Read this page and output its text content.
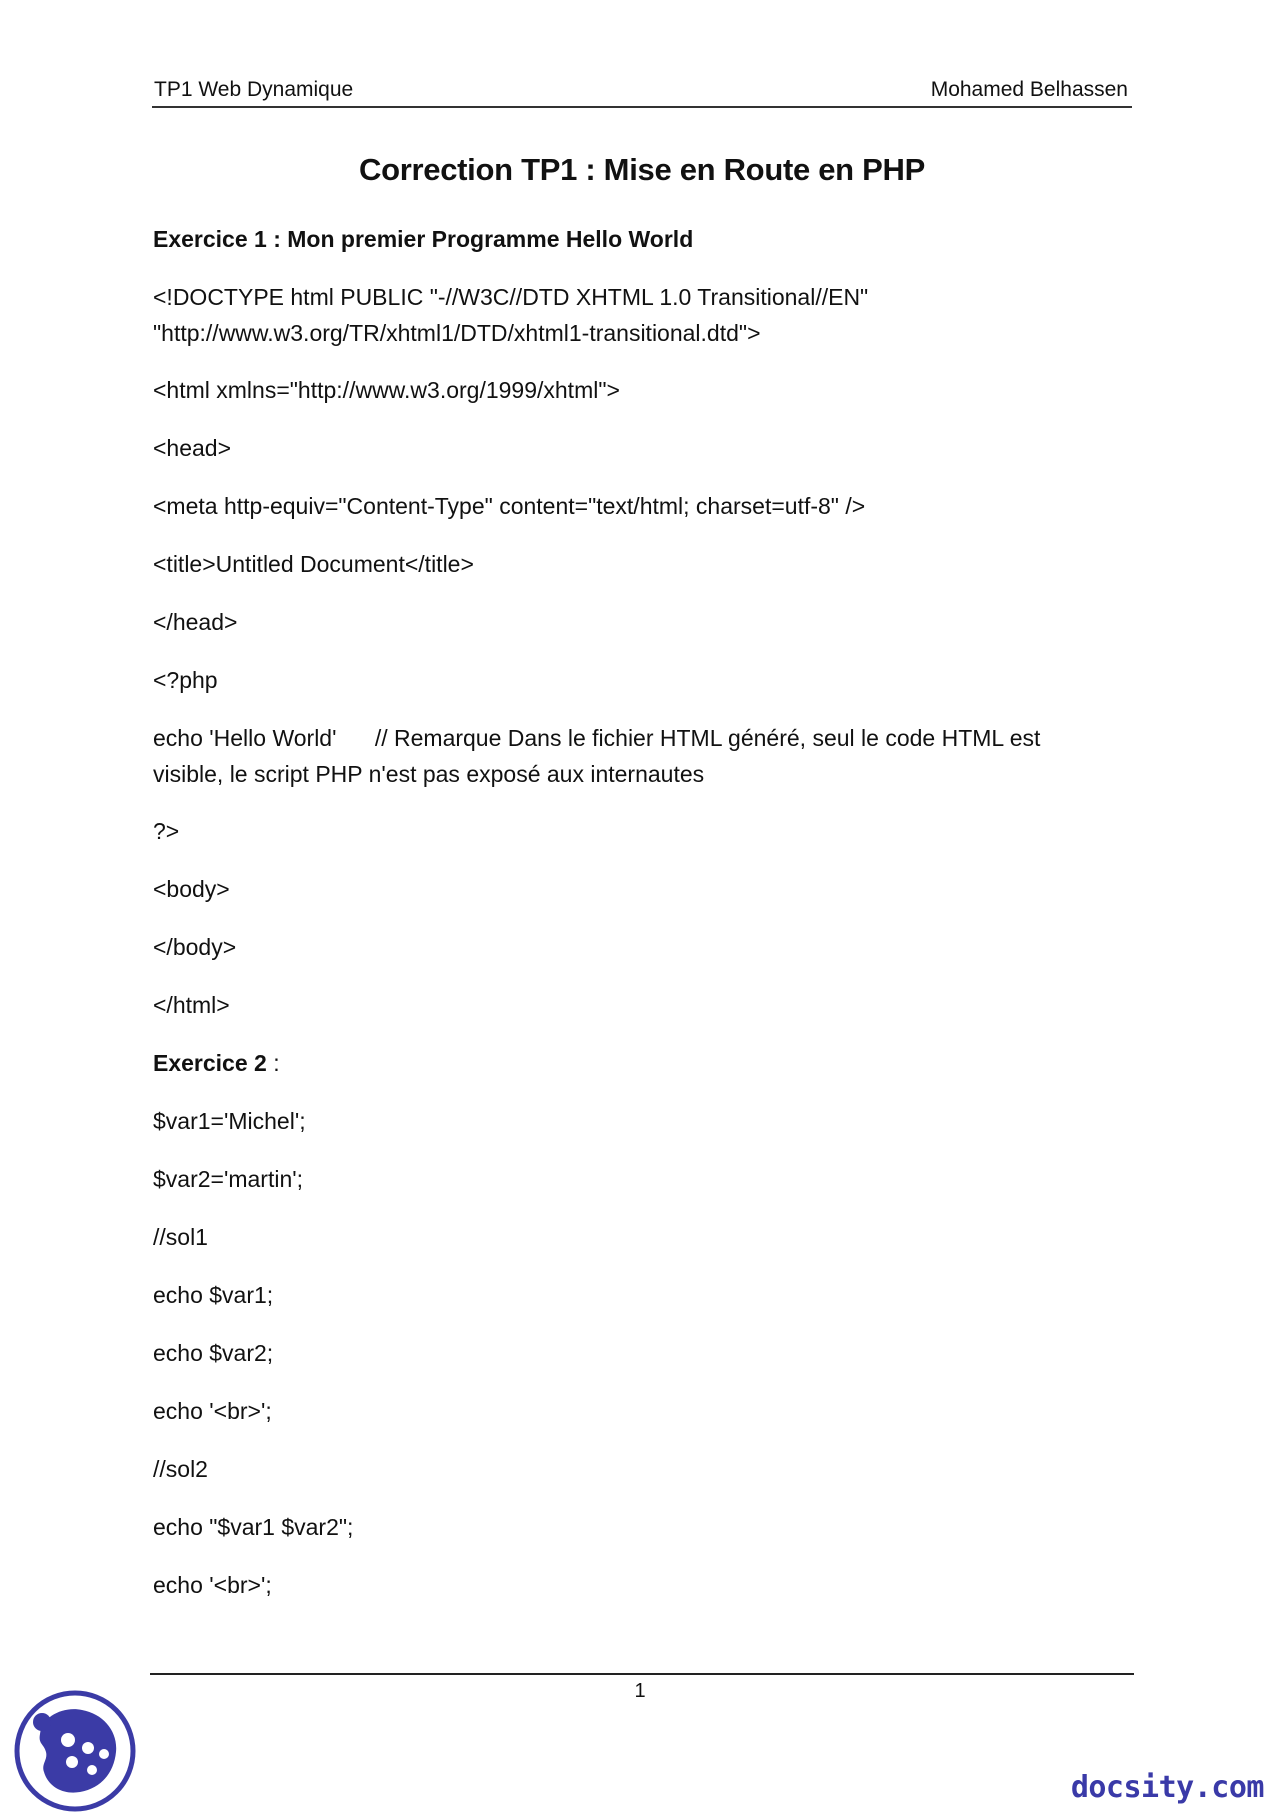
TP1 Web Dynamique	Mohamed Belhassen
Correction TP1 : Mise en Route en PHP
Exercice 1 : Mon premier Programme Hello World
<!DOCTYPE html PUBLIC "-//W3C//DTD XHTML 1.0 Transitional//EN"
"http://www.w3.org/TR/xhtml1/DTD/xhtml1-transitional.dtd">
<html xmlns="http://www.w3.org/1999/xhtml">
<head>
<meta http-equiv="Content-Type" content="text/html; charset=utf-8" />
<title>Untitled Document</title>
</head>
<?php
echo 'Hello World'      // Remarque Dans le fichier HTML généré, seul le code HTML est
visible, le script PHP n'est pas exposé aux internautes
?>
<body>
</body>
</html>
Exercice 2 :
$var1='Michel';
$var2='martin';
//sol1
echo $var1;
echo $var2;
echo '<br>';
//sol2
echo "$var1 $var2";
echo '<br>';
1
docsity.com
